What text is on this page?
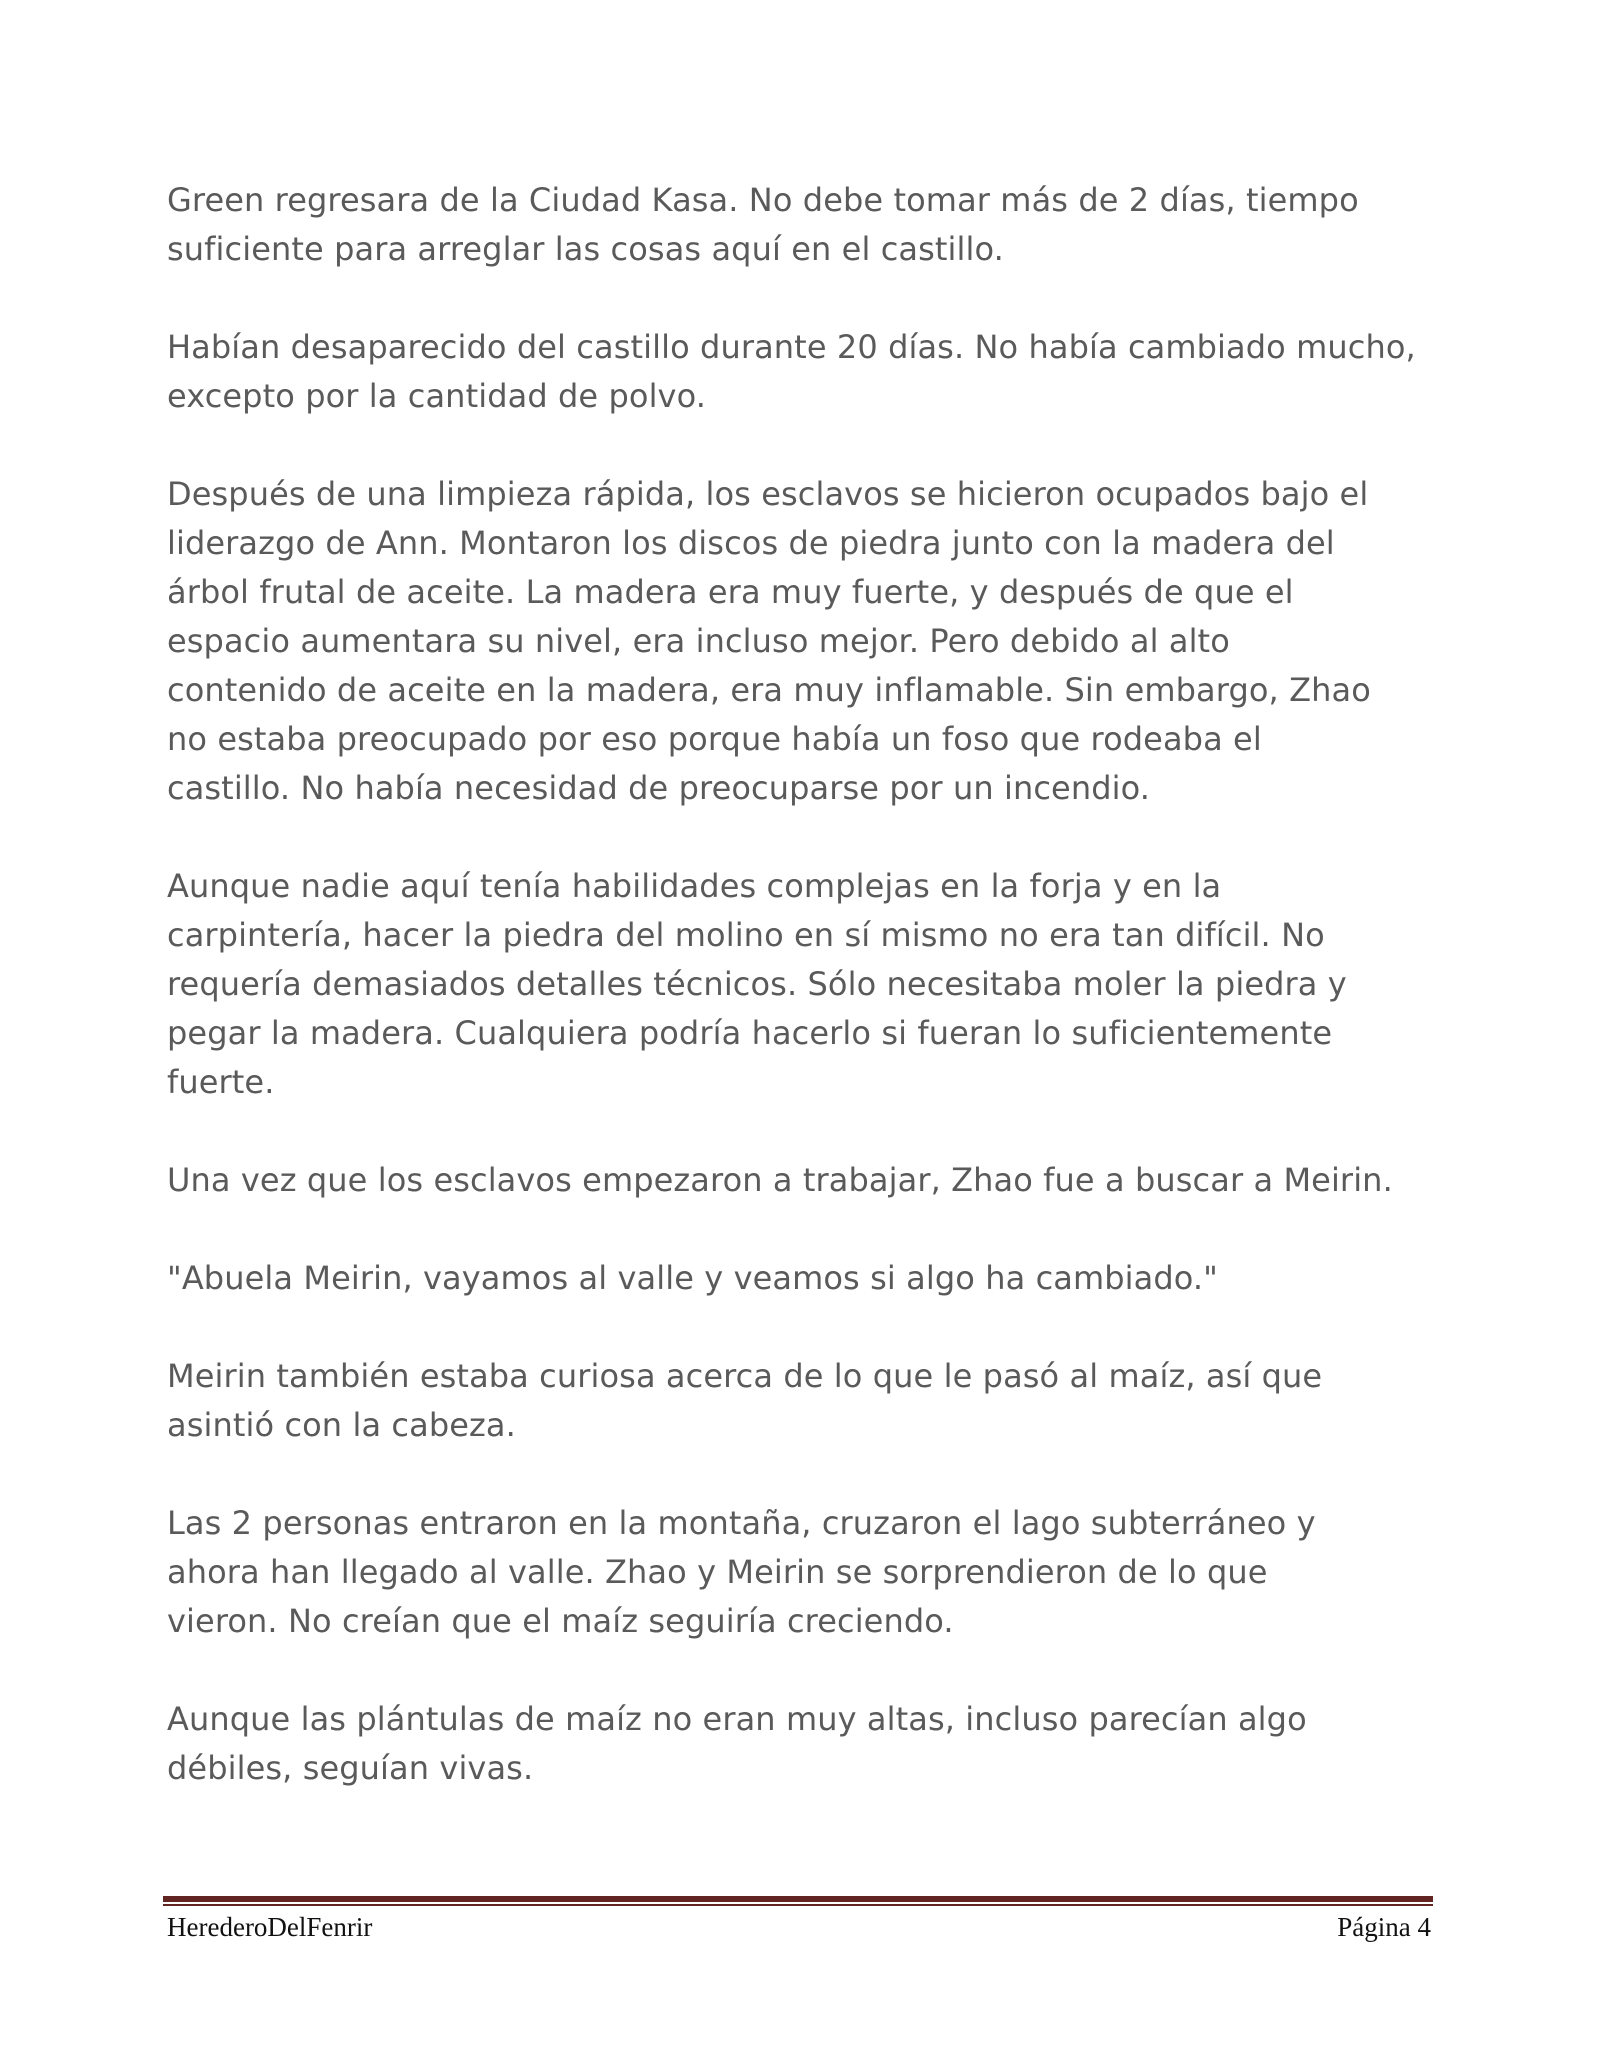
Green regresara de la Ciudad Kasa. No debe tomar más de 2 días, tiempo
suficiente para arreglar las cosas aquí en el castillo.

Habían desaparecido del castillo durante 20 días. No había cambiado mucho,
excepto por la cantidad de polvo.

Después de una limpieza rápida, los esclavos se hicieron ocupados bajo el
liderazgo de Ann. Montaron los discos de piedra junto con la madera del
árbol frutal de aceite. La madera era muy fuerte, y después de que el
espacio aumentara su nivel, era incluso mejor. Pero debido al alto
contenido de aceite en la madera, era muy inflamable. Sin embargo, Zhao
no estaba preocupado por eso porque había un foso que rodeaba el
castillo. No había necesidad de preocuparse por un incendio.

Aunque nadie aquí tenía habilidades complejas en la forja y en la
carpintería, hacer la piedra del molino en sí mismo no era tan difícil. No
requería demasiados detalles técnicos. Sólo necesitaba moler la piedra y
pegar la madera. Cualquiera podría hacerlo si fueran lo suficientemente
fuerte.

Una vez que los esclavos empezaron a trabajar, Zhao fue a buscar a Meirin.

"Abuela Meirin, vayamos al valle y veamos si algo ha cambiado."

Meirin también estaba curiosa acerca de lo que le pasó al maíz, así que
asintió con la cabeza.

Las 2 personas entraron en la montaña, cruzaron el lago subterráneo y
ahora han llegado al valle. Zhao y Meirin se sorprendieron de lo que
vieron. No creían que el maíz seguiría creciendo.

Aunque las plántulas de maíz no eran muy altas, incluso parecían algo
débiles, seguían vivas.

HerederoDelFenrir	Página 4
